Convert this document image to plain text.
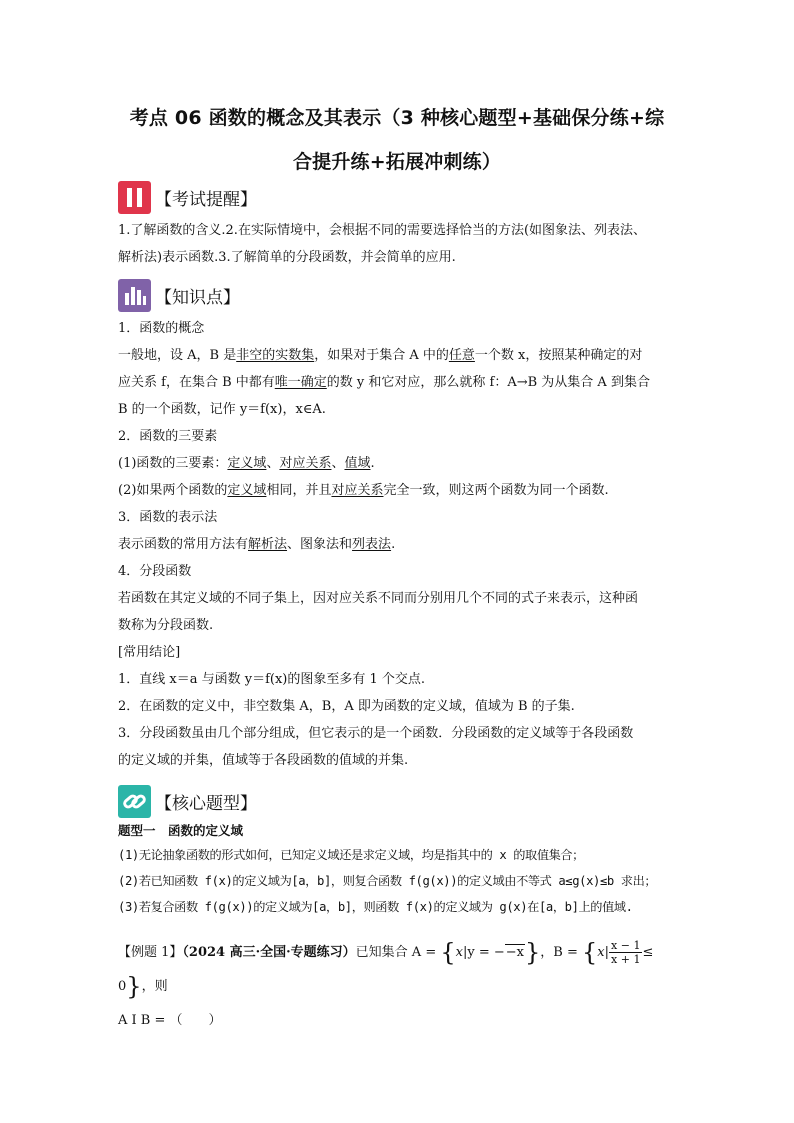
考点 06 函数的概念及其表示（3 种核心题型+基础保分练+综
合提升练+拓展冲刺练）
【考试提醒】

1.了解函数的含义.2.在实际情境中，会根据不同的需要选择恰当的方法(如图象法、列表法、

解析法)表示函数.3.了解简单的分段函数，并会简单的应用.

【知识点】

1．函数的概念

一般地，设 A，B 是非空的实数集，如果对于集合 A 中的任意一个数 x，按照某种确定的对

应关系 f，在集合 B 中都有唯一确定的数 y 和它对应，那么就称 f：A→B 为从集合 A 到集合

B 的一个函数，记作 y＝f(x)，x∈A.

2．函数的三要素

(1)函数的三要素：定义域、对应关系、值域.

(2)如果两个函数的定义域相同，并且对应关系完全一致，则这两个函数为同一个函数.

3．函数的表示法

表示函数的常用方法有解析法、图象法和列表法.

4．分段函数

若函数在其定义域的不同子集上，因对应关系不同而分别用几个不同的式子来表示，这种函

数称为分段函数.

[常用结论]

1．直线 x＝a 与函数 y＝f(x)的图象至多有 1 个交点.

2．在函数的定义中，非空数集 A，B，A 即为函数的定义域，值域为 B 的子集.

3．分段函数虽由几个部分组成，但它表示的是一个函数．分段函数的定义域等于各段函数

的定义域的并集，值域等于各段函数的值域的并集.

【核心题型】

题型一　函数的定义域

(1)无论抽象函数的形式如何，已知定义域还是求定义域，均是指其中的 x 的取值集合；

(2)若已知函数 f(x)的定义域为[a，b]，则复合函数 f(g(x))的定义域由不等式 a≤g(x)≤b 求出；

(3)若复合函数 f(g(x))的定义域为[a，b]，则函数 f(x)的定义域为 g(x)在[a，b]上的值域.

【例题 1】（2024 高三·全国·专题练习）已知集合 A = {x|y = −−x}，$B = \{x| \frac{x - 1}{x + 1} \le 0\}$，则
A I B = （　　）
